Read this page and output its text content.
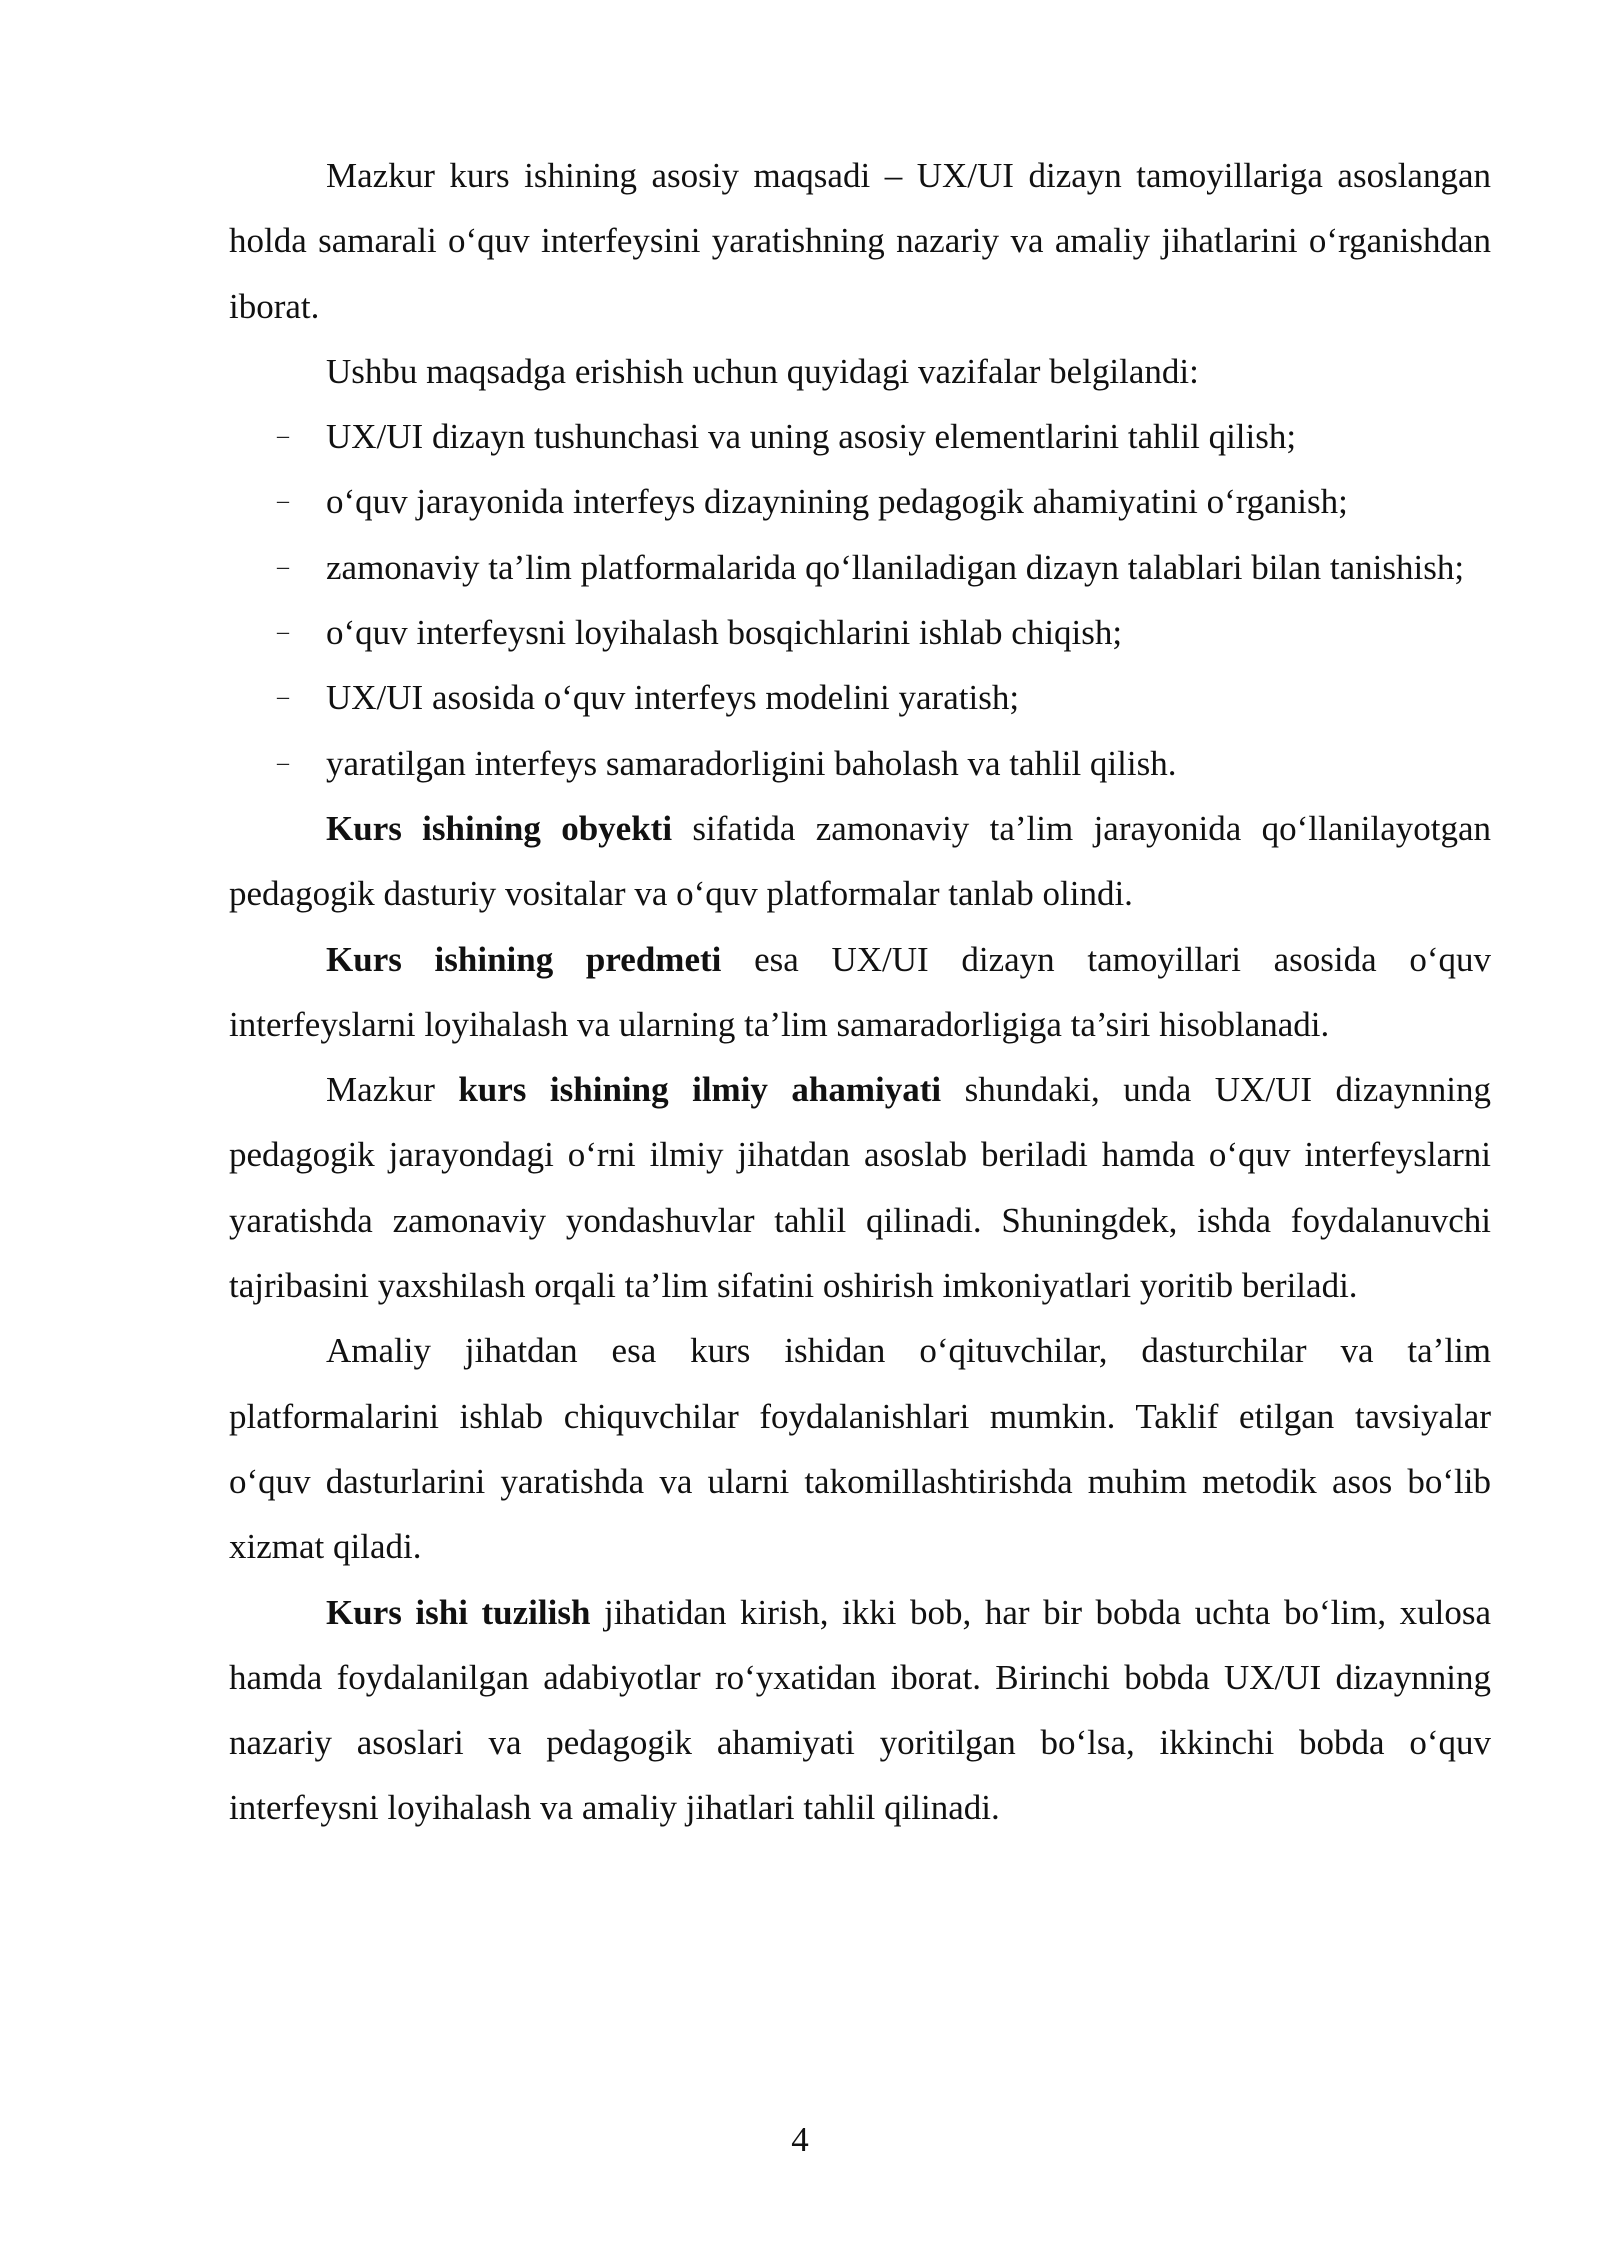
Mazkur kurs ishining asosiy maqsadi – UX/UI dizayn tamoyillariga asoslangan holda samarali o‘quv interfeysini yaratishning nazariy va amaliy jihatlarini o‘rganishdan iborat.

Ushbu maqsadga erishish uchun quyidagi vazifalar belgilandi:

– UX/UI dizayn tushunchasi va uning asosiy elementlarini tahlil qilish;
– o‘quv jarayonida interfeys dizaynining pedagogik ahamiyatini o‘rganish;
– zamonaviy ta’lim platformalarida qo‘llaniladigan dizayn talablari bilan tanishish;
– o‘quv interfeysni loyihalash bosqichlarini ishlab chiqish;
– UX/UI asosida o‘quv interfeys modelini yaratish;
– yaratilgan interfeys samaradorligini baholash va tahlil qilish.

Kurs ishining obyekti sifatida zamonaviy ta’lim jarayonida qo‘llanilayotgan pedagogik dasturiy vositalar va o‘quv platformalar tanlab olindi.

Kurs ishining predmeti esa UX/UI dizayn tamoyillari asosida o‘quv interfeyslarni loyihalash va ularning ta’lim samaradorligiga ta’siri hisoblanadi.

Mazkur kurs ishining ilmiy ahamiyati shundaki, unda UX/UI dizaynning pedagogik jarayondagi o‘rni ilmiy jihatdan asoslab beriladi hamda o‘quv interfeyslarni yaratishda zamonaviy yondashuvlar tahlil qilinadi. Shuningdek, ishda foydalanuvchi tajribasini yaxshilash orqali ta’lim sifatini oshirish imkoniyatlari yoritib beriladi.

Amaliy jihatdan esa kurs ishidan o‘qituvchilar, dasturchilar va ta’lim platformalarini ishlab chiquvchilar foydalanishlari mumkin. Taklif etilgan tavsiyalar o‘quv dasturlarini yaratishda va ularni takomillashtirishda muhim metodik asos bo‘lib xizmat qiladi.

Kurs ishi tuzilish jihatidan kirish, ikki bob, har bir bobda uchta bo‘lim, xulosa hamda foydalanilgan adabiyotlar ro‘yxatidan iborat. Birinchi bobda UX/UI dizaynning nazariy asoslari va pedagogik ahamiyati yoritilgan bo‘lsa, ikkinchi bobda o‘quv interfeysni loyihalash va amaliy jihatlari tahlil qilinadi.

4
